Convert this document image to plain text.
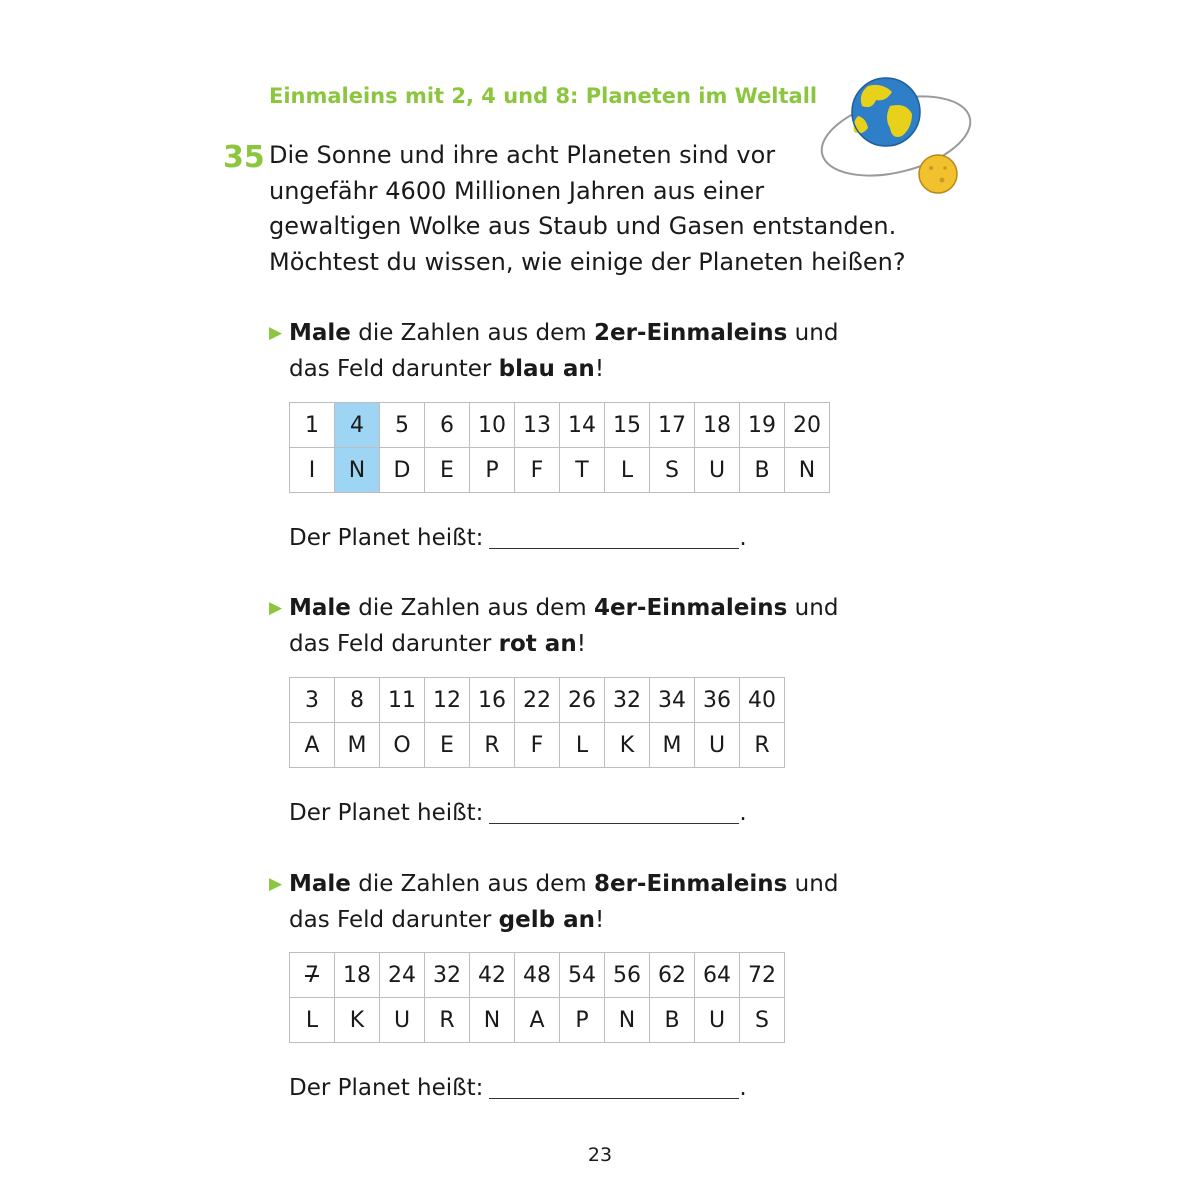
Einmaleins mit 2, 4 und 8: Planeten im Weltall
35 Die Sonne und ihre acht Planeten sind vor
ungefähr 4600 Millionen Jahren aus einer
gewaltigen Wolke aus Staub und Gasen entstanden.
Möchtest du wissen, wie einige der Planeten heißen?
▶ Male die Zahlen aus dem 2er-Einmaleins und
das Feld darunter blau an!
1	4	5	6	10	13	14	15	17	18	19	20
I	N	D	E	P	F	T	L	S	U	B	N
Der Planet heißt:	.
▶ Male die Zahlen aus dem 4er-Einmaleins und
das Feld darunter rot an!
3	8	11	12	16	22	26	32	34	36	40
A	M	O	E	R	F	L	K	M	U	R
Der Planet heißt:	.
▶ Male die Zahlen aus dem 8er-Einmaleins und
das Feld darunter gelb an!
7	18	24	32	42	48	54	56	62	64	72
L	K	U	R	N	A	P	N	B	U	S
Der Planet heißt:	.
23
